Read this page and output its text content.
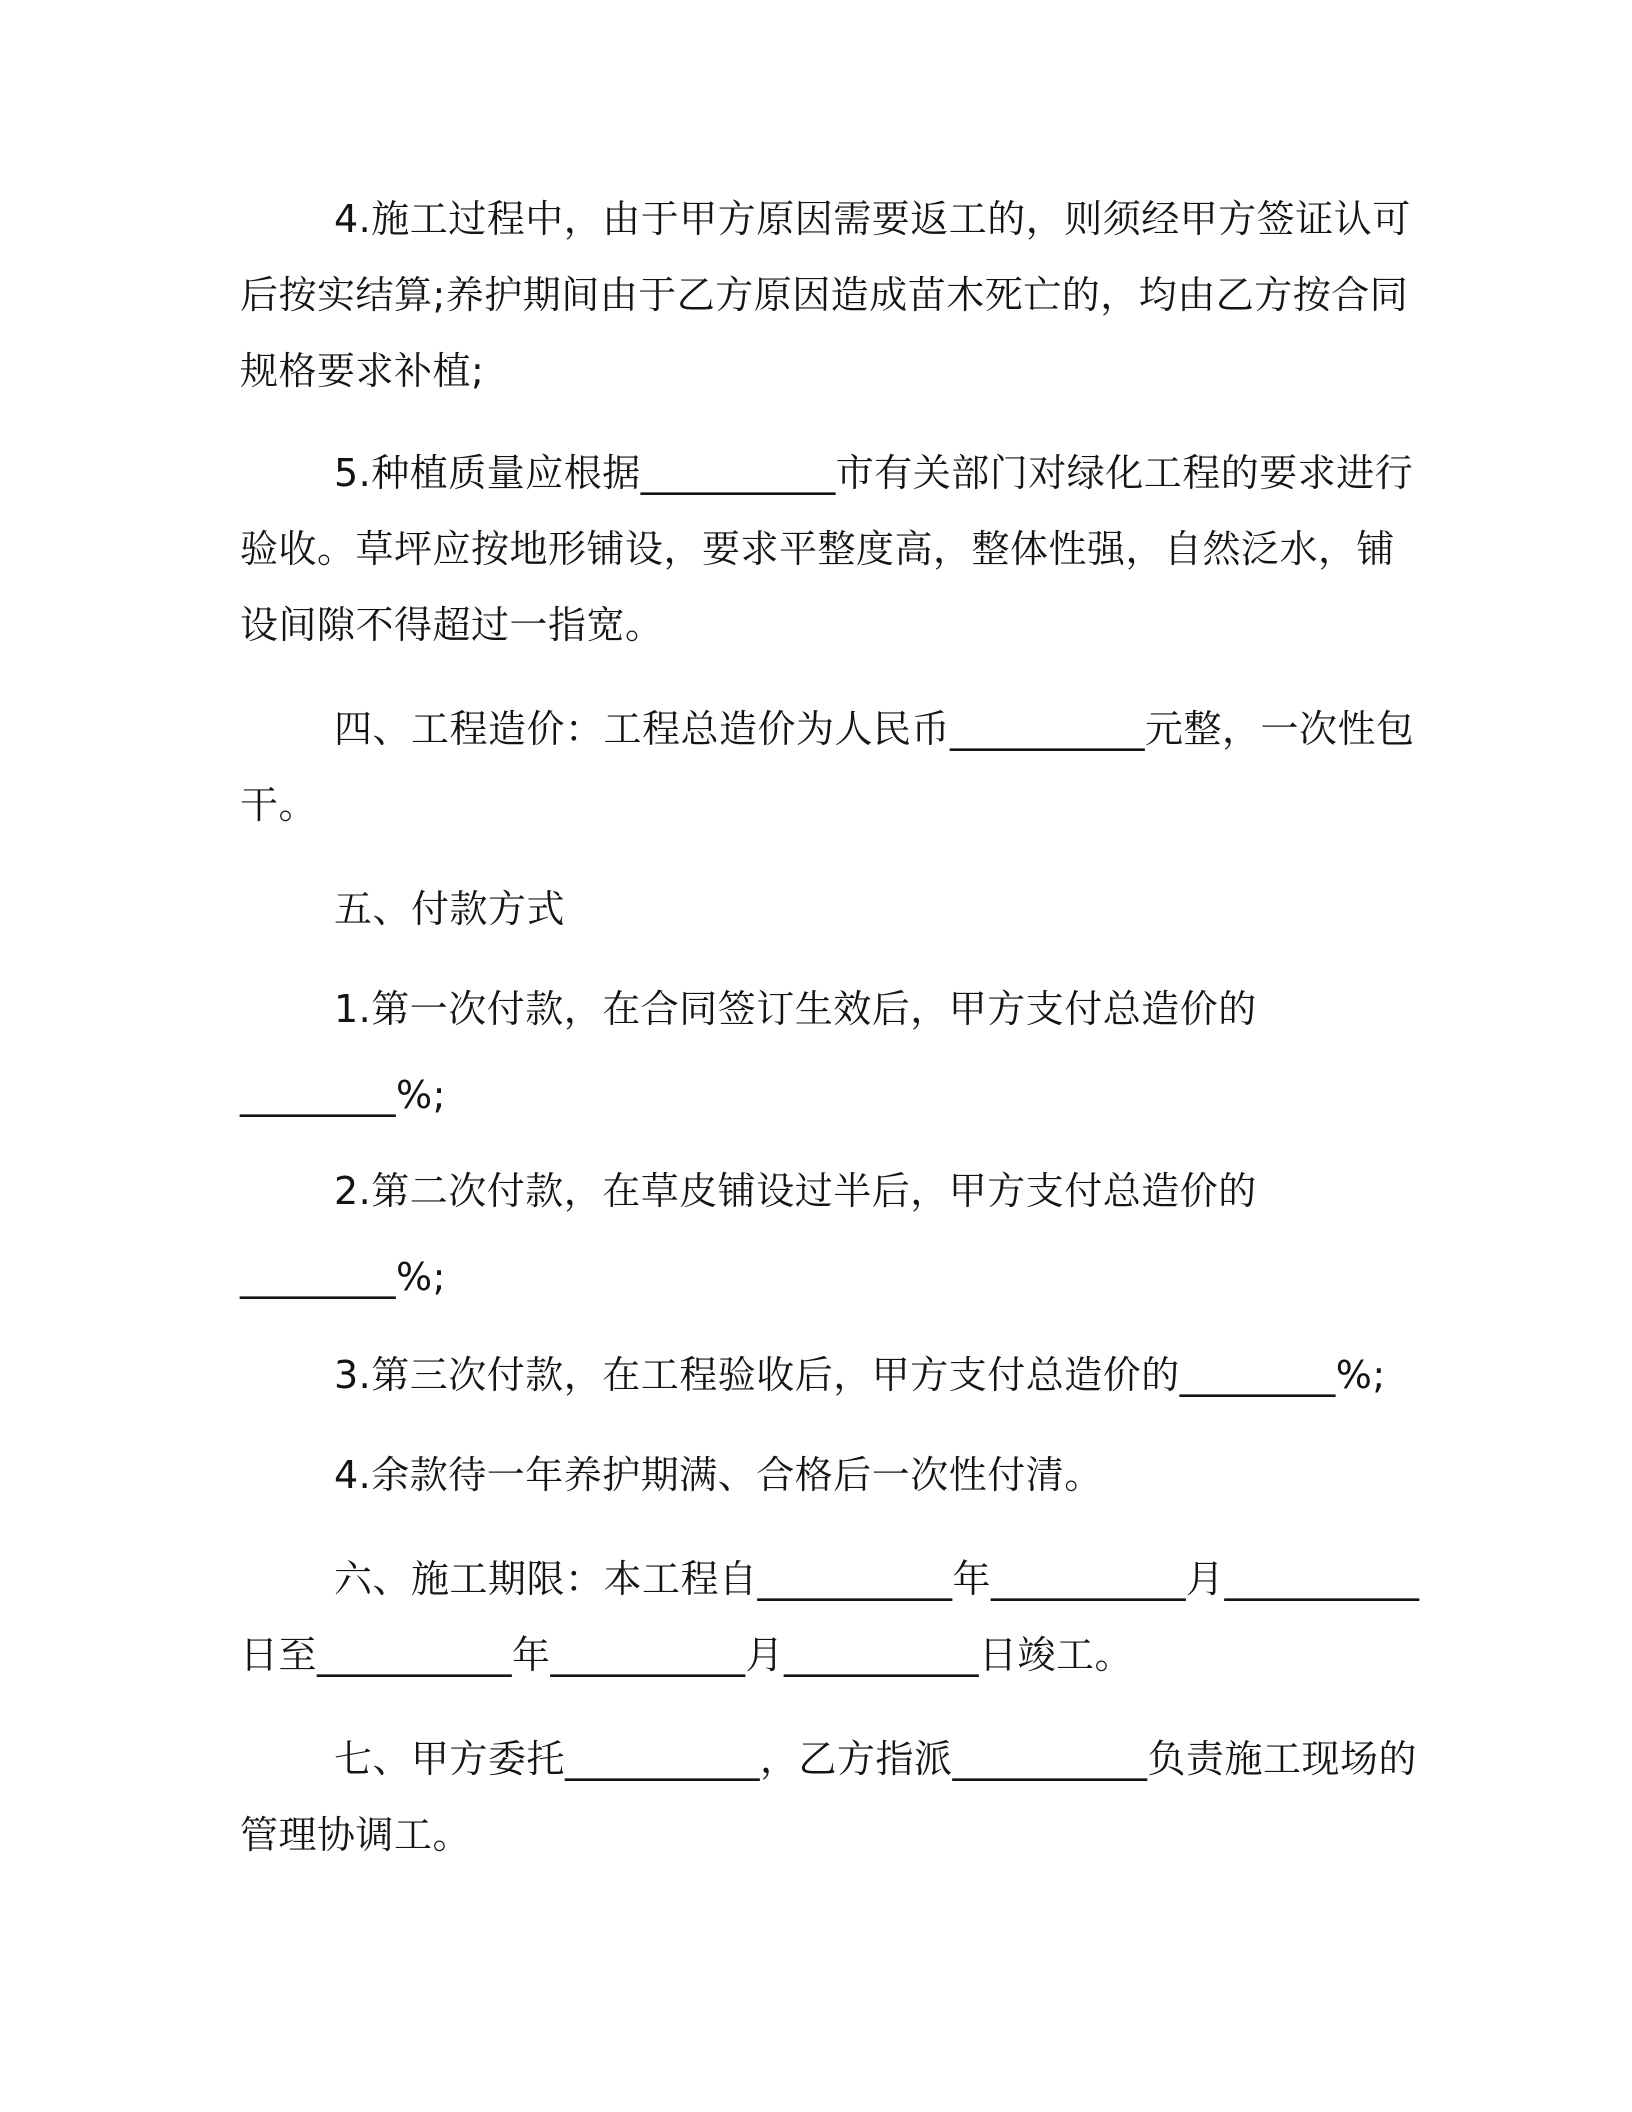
4.施工过程中，由于甲方原因需要返工的，则须经甲方签证认可
后按实结算;养护期间由于乙方原因造成苗木死亡的，均由乙方按合同
规格要求补植;
5.种植质量应根据__________市有关部门对绿化工程的要求进行
验收。草坪应按地形铺设，要求平整度高，整体性强，自然泛水，铺
设间隙不得超过一指宽。
四、工程造价：工程总造价为人民币__________元整，一次性包
干。
五、付款方式
1.第一次付款，在合同签订生效后，甲方支付总造价的
________%;
2.第二次付款，在草皮铺设过半后，甲方支付总造价的
________%;
3.第三次付款，在工程验收后，甲方支付总造价的________%;
4.余款待一年养护期满、合格后一次性付清。
六、施工期限：本工程自__________年__________月__________
日至__________年__________月__________日竣工。
七、甲方委托__________，乙方指派__________负责施工现场的
管理协调工。
